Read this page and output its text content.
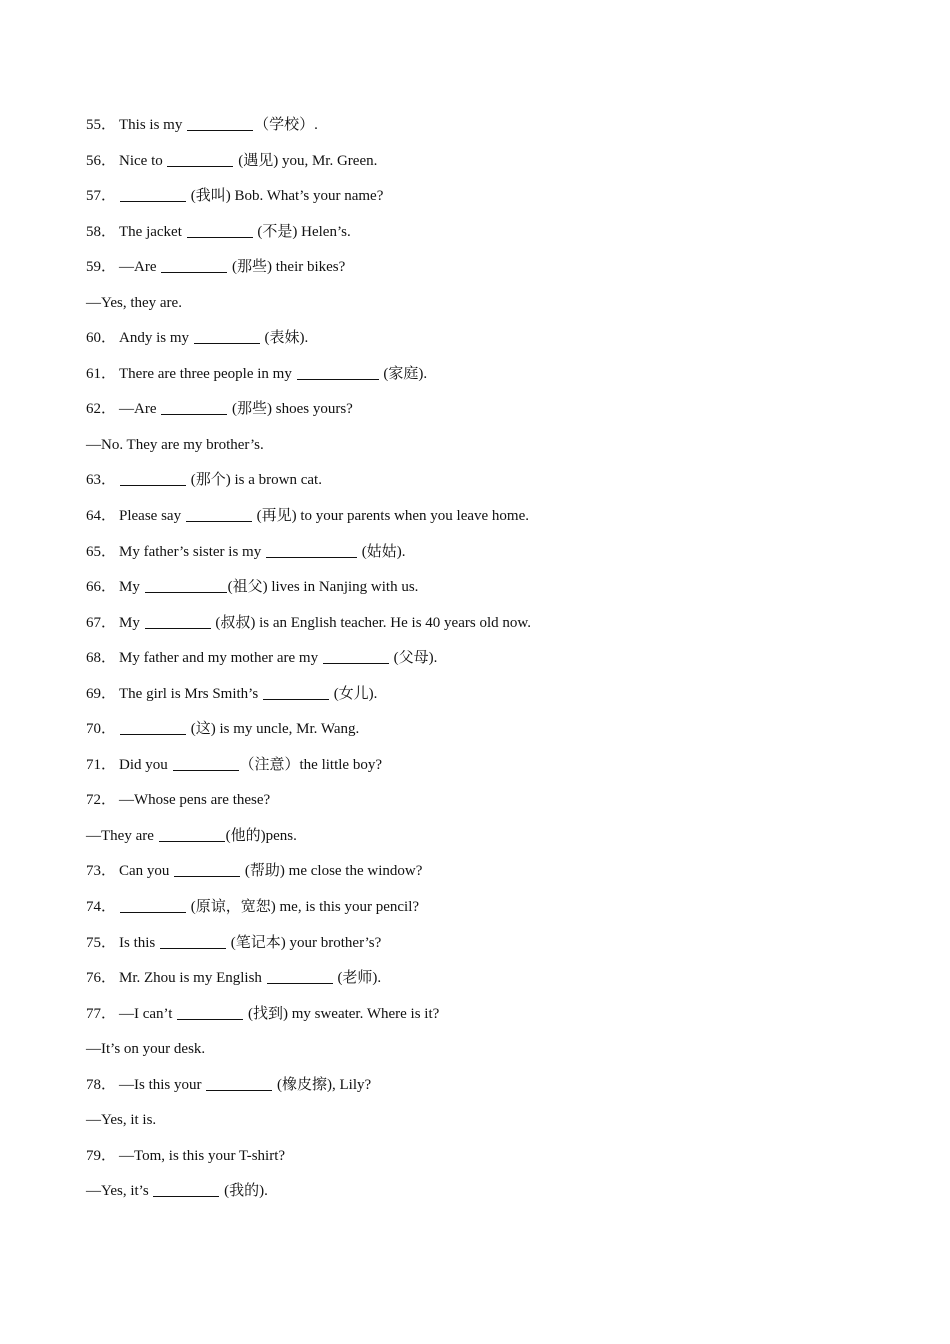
55． This is my	（学校）.
56． Nice to	(遇见) you, Mr. Green.
57．	(我叫) Bob. What’s your name?
58． The jacket	(不是) Helen’s.
59． —Are	(那些) their bikes?
—Yes, they are.
60． Andy is my	(表妹).
61． There are three people in my	(家庭).
62． —Are	(那些) shoes yours?
—No. They are my brother’s.
63．	(那个) is a brown cat.
64． Please say	(再见) to your parents when you leave home.
65． My father’s sister is my	(姑姑).
66． My	(祖父) lives in Nanjing with us.
67． My	(叔叔) is an English teacher. He is 40 years old now.
68． My father and my mother are my	(父母).
69． The girl is Mrs Smith’s	(女儿).
70．	(这) is my uncle, Mr. Wang.
71． Did you	（注意）the little boy?
72． —Whose pens are these?
—They are	(他的)pens.
73． Can you	(帮助) me close the window?
74．	(原谅，宽恕) me, is this your pencil?
75． Is this	(笔记本) your brother’s?
76． Mr. Zhou is my English	(老师).
77． —I can’t	(找到) my sweater. Where is it?
—It’s on your desk.
78． —Is this your	(橡皮擦), Lily?
—Yes, it is.
79． —Tom, is this your T-shirt?
—Yes, it’s	(我的).
